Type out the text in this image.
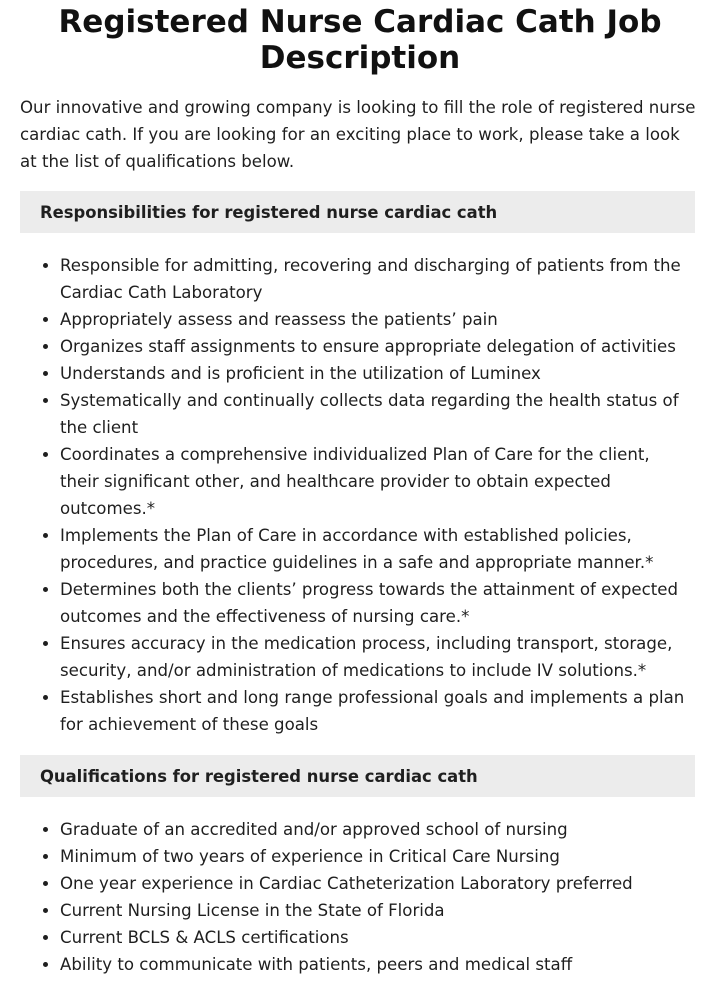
Registered Nurse Cardiac Cath Job Description

Our innovative and growing company is looking to fill the role of registered nurse cardiac cath. If you are looking for an exciting place to work, please take a look at the list of qualifications below.

Responsibilities for registered nurse cardiac cath
• Responsible for admitting, recovering and discharging of patients from the Cardiac Cath Laboratory
• Appropriately assess and reassess the patients’ pain
• Organizes staff assignments to ensure appropriate delegation of activities
• Understands and is proficient in the utilization of Luminex
• Systematically and continually collects data regarding the health status of the client
• Coordinates a comprehensive individualized Plan of Care for the client, their significant other, and healthcare provider to obtain expected outcomes.*
• Implements the Plan of Care in accordance with established policies, procedures, and practice guidelines in a safe and appropriate manner.*
• Determines both the clients’ progress towards the attainment of expected outcomes and the effectiveness of nursing care.*
• Ensures accuracy in the medication process, including transport, storage, security, and/or administration of medications to include IV solutions.*
• Establishes short and long range professional goals and implements a plan for achievement of these goals
Qualifications for registered nurse cardiac cath
• Graduate of an accredited and/or approved school of nursing
• Minimum of two years of experience in Critical Care Nursing
• One year experience in Cardiac Catheterization Laboratory preferred
• Current Nursing License in the State of Florida
• Current BCLS & ACLS certifications
• Ability to communicate with patients, peers and medical staff
